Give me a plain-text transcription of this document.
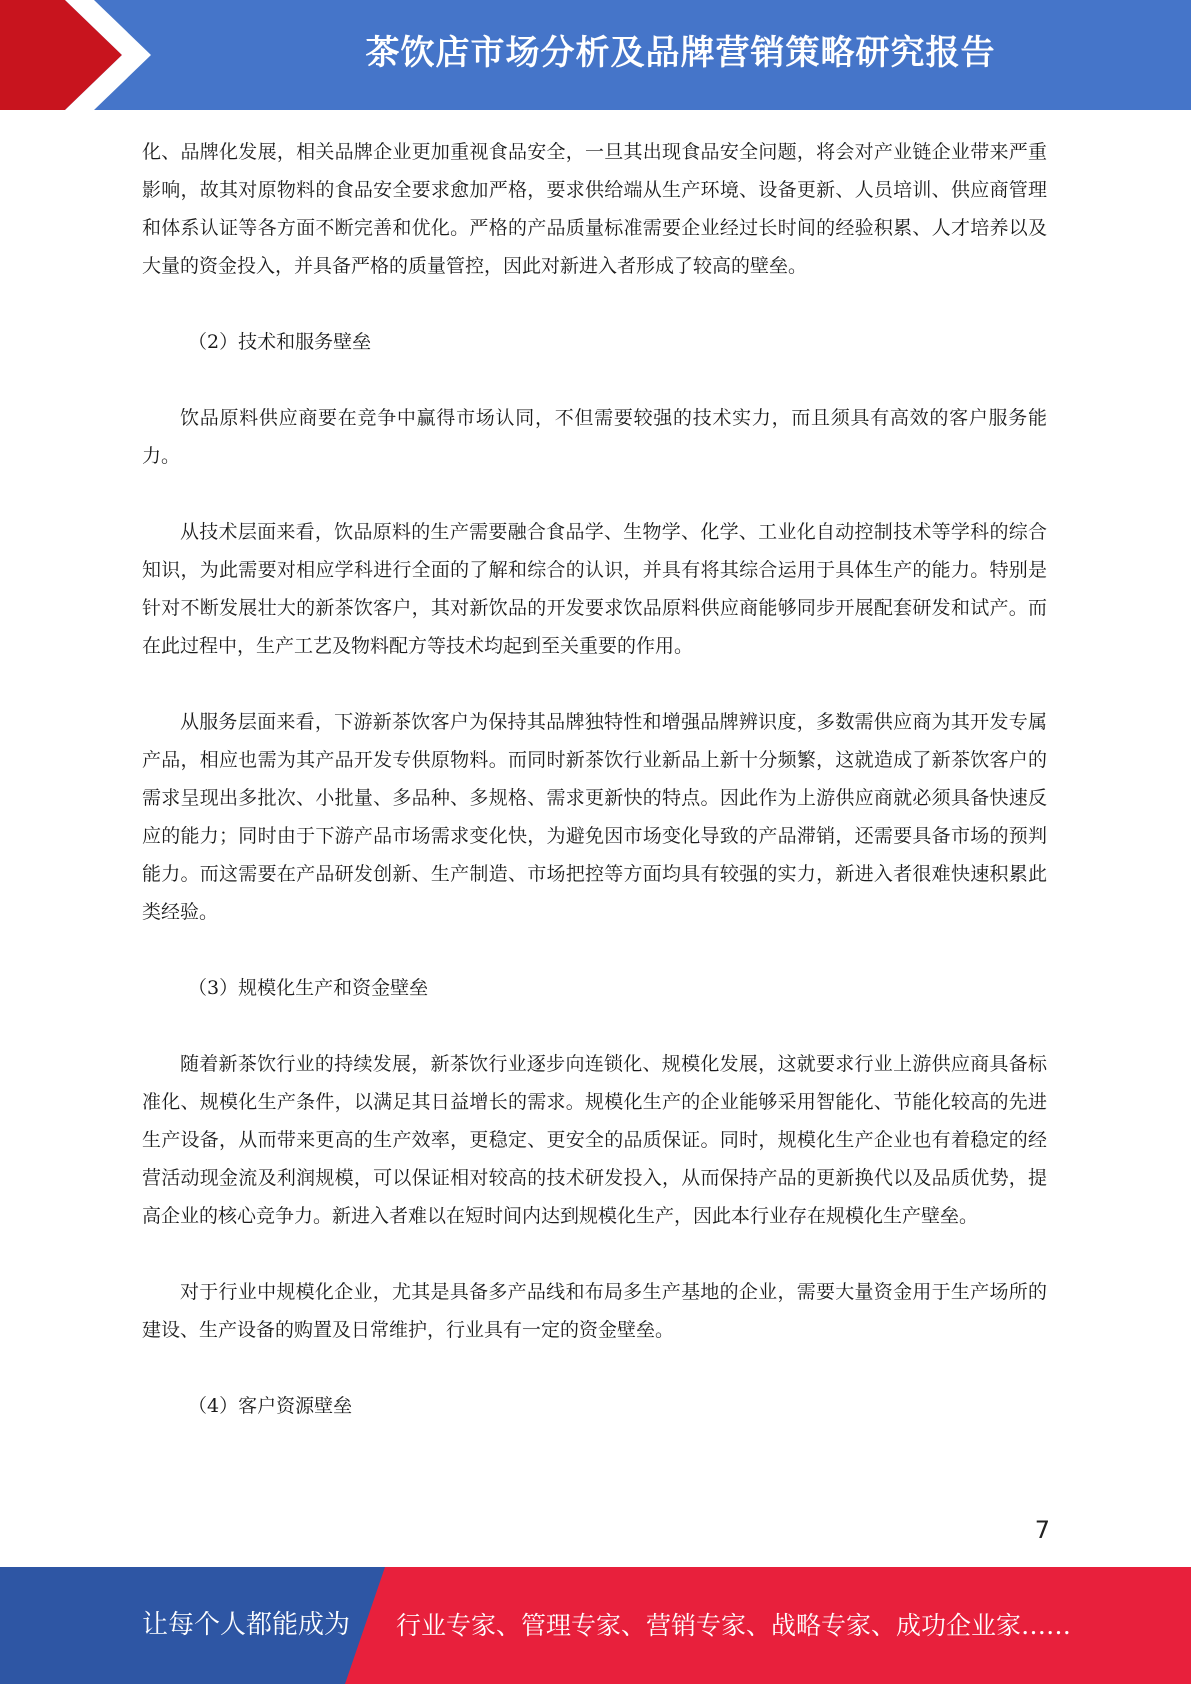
茶饮店市场分析及品牌营销策略研究报告

化、品牌化发展，相关品牌企业更加重视食品安全，一旦其出现食品安全问题，将会对产业链企业带来严重影响，故其对原物料的食品安全要求愈加严格，要求供给端从生产环境、设备更新、人员培训、供应商管理和体系认证等各方面不断完善和优化。严格的产品质量标准需要企业经过长时间的经验积累、人才培养以及大量的资金投入，并具备严格的质量管控，因此对新进入者形成了较高的壁垒。

（2）技术和服务壁垒

饮品原料供应商要在竞争中赢得市场认同，不但需要较强的技术实力，而且须具有高效的客户服务能力。

从技术层面来看，饮品原料的生产需要融合食品学、生物学、化学、工业化自动控制技术等学科的综合知识，为此需要对相应学科进行全面的了解和综合的认识，并具有将其综合运用于具体生产的能力。特别是针对不断发展壮大的新茶饮客户，其对新饮品的开发要求饮品原料供应商能够同步开展配套研发和试产。而在此过程中，生产工艺及物料配方等技术均起到至关重要的作用。

从服务层面来看，下游新茶饮客户为保持其品牌独特性和增强品牌辨识度，多数需供应商为其开发专属产品，相应也需为其产品开发专供原物料。而同时新茶饮行业新品上新十分频繁，这就造成了新茶饮客户的需求呈现出多批次、小批量、多品种、多规格、需求更新快的特点。因此作为上游供应商就必须具备快速反应的能力；同时由于下游产品市场需求变化快，为避免因市场变化导致的产品滞销，还需要具备市场的预判能力。而这需要在产品研发创新、生产制造、市场把控等方面均具有较强的实力，新进入者很难快速积累此类经验。

（3）规模化生产和资金壁垒

随着新茶饮行业的持续发展，新茶饮行业逐步向连锁化、规模化发展，这就要求行业上游供应商具备标准化、规模化生产条件，以满足其日益增长的需求。规模化生产的企业能够采用智能化、节能化较高的先进生产设备，从而带来更高的生产效率，更稳定、更安全的品质保证。同时，规模化生产企业也有着稳定的经营活动现金流及利润规模，可以保证相对较高的技术研发投入，从而保持产品的更新换代以及品质优势，提高企业的核心竞争力。新进入者难以在短时间内达到规模化生产，因此本行业存在规模化生产壁垒。

对于行业中规模化企业，尤其是具备多产品线和布局多生产基地的企业，需要大量资金用于生产场所的建设、生产设备的购置及日常维护，行业具有一定的资金壁垒。

（4）客户资源壁垒

7
让每个人都能成为 行业专家、管理专家、营销专家、战略专家、成功企业家……
